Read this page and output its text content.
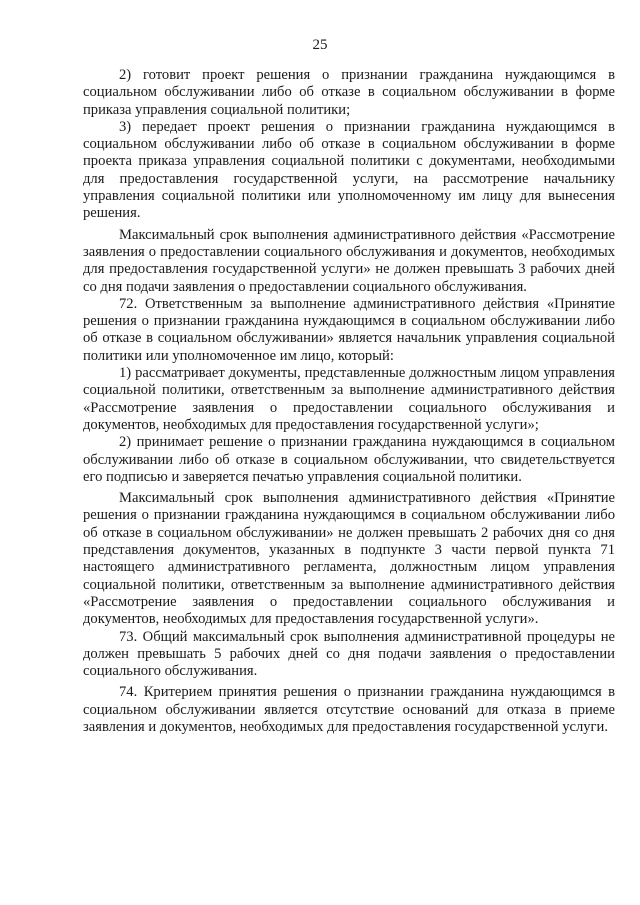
25

2) готовит проект решения о признании гражданина нуждающимся в социальном обслуживании либо об отказе в социальном обслуживании в форме приказа управления социальной политики;

3) передает проект решения о признании гражданина нуждающимся в социальном обслуживании либо об отказе в социальном обслуживании в форме проекта приказа управления социальной политики с документами, необходимыми для предоставления государственной услуги, на рассмотрение начальнику управления социальной политики или уполномоченному им лицу для вынесения решения.

Максимальный срок выполнения административного действия «Рассмотрение заявления о предоставлении социального обслуживания и документов, необходимых для предоставления государственной услуги» не должен превышать 3 рабочих дней со дня подачи заявления о предоставлении социального обслуживания.

72. Ответственным за выполнение административного действия «Принятие решения о признании гражданина нуждающимся в социальном обслуживании либо об отказе в социальном обслуживании» является начальник управления социальной политики или уполномоченное им лицо, который:

1) рассматривает документы, представленные должностным лицом управления социальной политики, ответственным за выполнение административного действия «Рассмотрение заявления о предоставлении социального обслуживания и документов, необходимых для предоставления государственной услуги»;

2) принимает решение о признании гражданина нуждающимся в социальном обслуживании либо об отказе в социальном обслуживании, что свидетельствуется его подписью и заверяется печатью управления социальной политики.

Максимальный срок выполнения административного действия «Принятие решения о признании гражданина нуждающимся в социальном обслуживании либо об отказе в социальном обслуживании» не должен превышать 2 рабочих дня со дня представления документов, указанных в подпункте 3 части первой пункта 71 настоящего административного регламента, должностным лицом управления социальной политики, ответственным за выполнение административного действия «Рассмотрение заявления о предоставлении социального обслуживания и документов, необходимых для предоставления государственной услуги».

73. Общий максимальный срок выполнения административной процедуры не должен превышать 5 рабочих дней со дня подачи заявления о предоставлении социального обслуживания.

74. Критерием принятия решения о признании гражданина нуждающимся в социальном обслуживании является отсутствие оснований для отказа в приеме заявления и документов, необходимых для предоставления государственной услуги.
